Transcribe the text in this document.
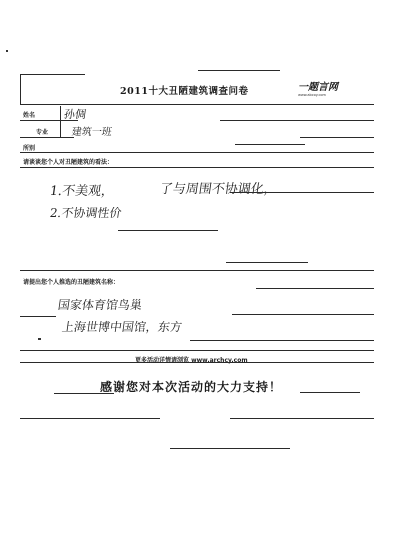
2011十大丑陋建筑调查问卷	一题言网
www.abcoy.com
姓名	孙倜
专业 建筑一班
所别
请谈谈您个人对丑陋建筑的看法：
1.不美观，	了与周围不协调化，
2.不协调性价
请提出您个人推选的丑陋建筑名称：
国家体育馆鸟巢
上海世博中国馆，东方
更多活动详情请浏览 www.archcy.com
感谢您对本次活动的大力支持！
